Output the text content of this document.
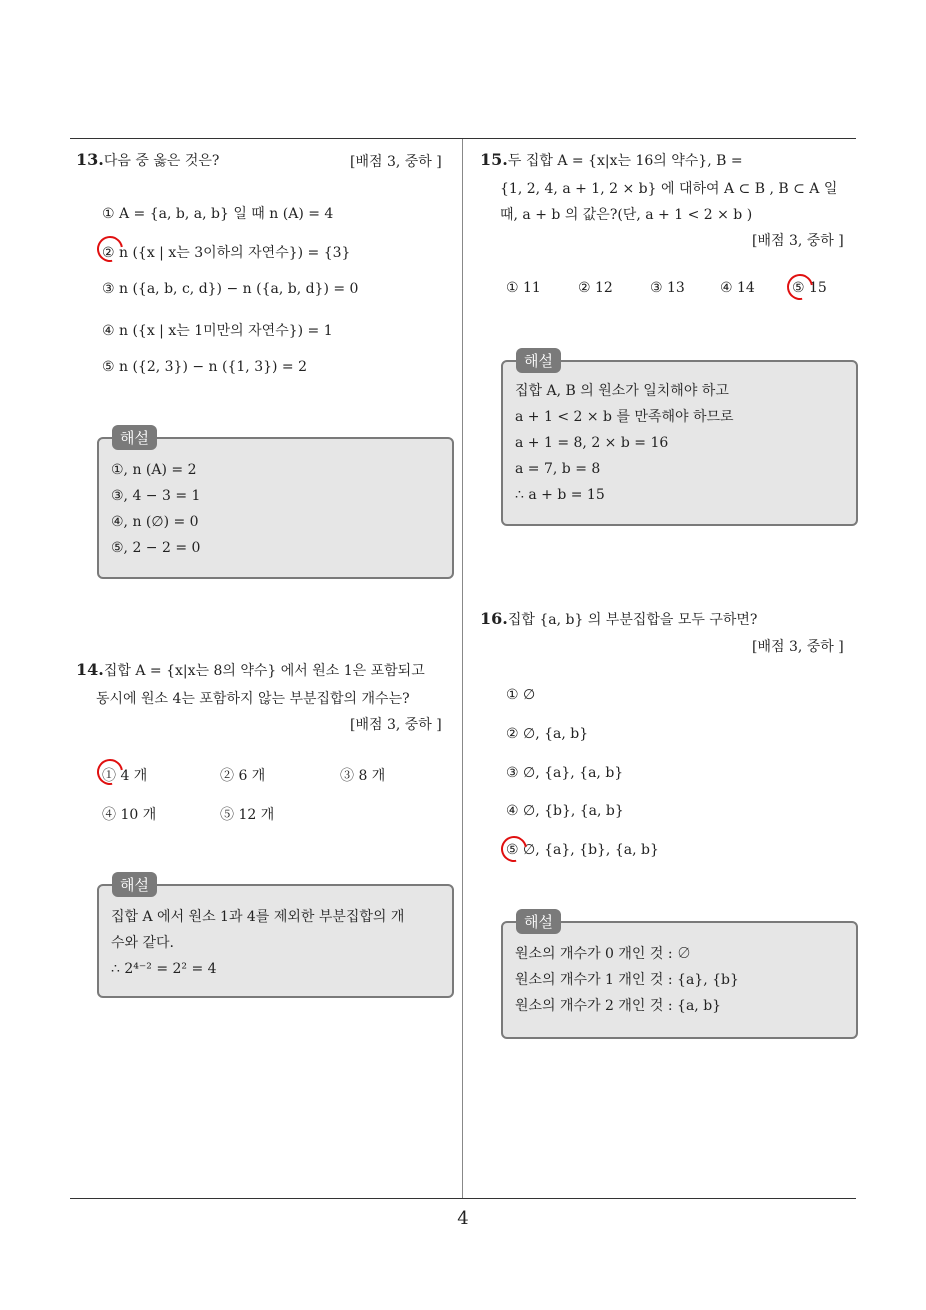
13.다음 중 옳은 것은?	[배점 3, 중하 ]
① A = {a, b, a, b} 일 때 n (A) = 4
② n ({x | x는 3이하의 자연수}) = {3}
③ n ({a, b, c, d}) − n ({a, b, d}) = 0
④ n ({x | x는 1미만의 자연수}) = 1
⑤ n ({2, 3}) − n ({1, 3}) = 2
①, n (A) = 2
③, 4 − 3 = 1
④, n (∅) = 0
⑤, 2 − 2 = 0
해설
14.집합 A = {x|x는 8의 약수} 에서 원소 1은 포함되고
동시에 원소 4는 포함하지 않는 부분집합의 개수는?
[배점 3, 중하 ]
① 4 개	② 6 개	③ 8 개
④ 10 개	⑤ 12 개
집합 A 에서 원소 1과 4를 제외한 부분집합의 개
수와 같다.
∴ 2⁴⁻² = 2² = 4
해설
15.두 집합 A = {x|x는 16의 약수}, B =
{1, 2, 4, a + 1, 2 × b} 에 대하여 A ⊂ B , B ⊂ A 일
때, a + b 의 값은?(단, a + 1 < 2 × b )
[배점 3, 중하 ]
① 11	② 12	③ 13	④ 14	⑤ 15
집합 A, B 의 원소가 일치해야 하고
a + 1 < 2 × b 를 만족해야 하므로
a + 1 = 8, 2 × b = 16
a = 7, b = 8
∴ a + b = 15
해설
16.집합 {a, b} 의 부분집합을 모두 구하면?
[배점 3, 중하 ]
① ∅
② ∅, {a, b}
③ ∅, {a}, {a, b}
④ ∅, {b}, {a, b}
⑤ ∅, {a}, {b}, {a, b}
원소의 개수가 0 개인 것 : ∅
원소의 개수가 1 개인 것 : {a}, {b}
원소의 개수가 2 개인 것 : {a, b}
해설
4
